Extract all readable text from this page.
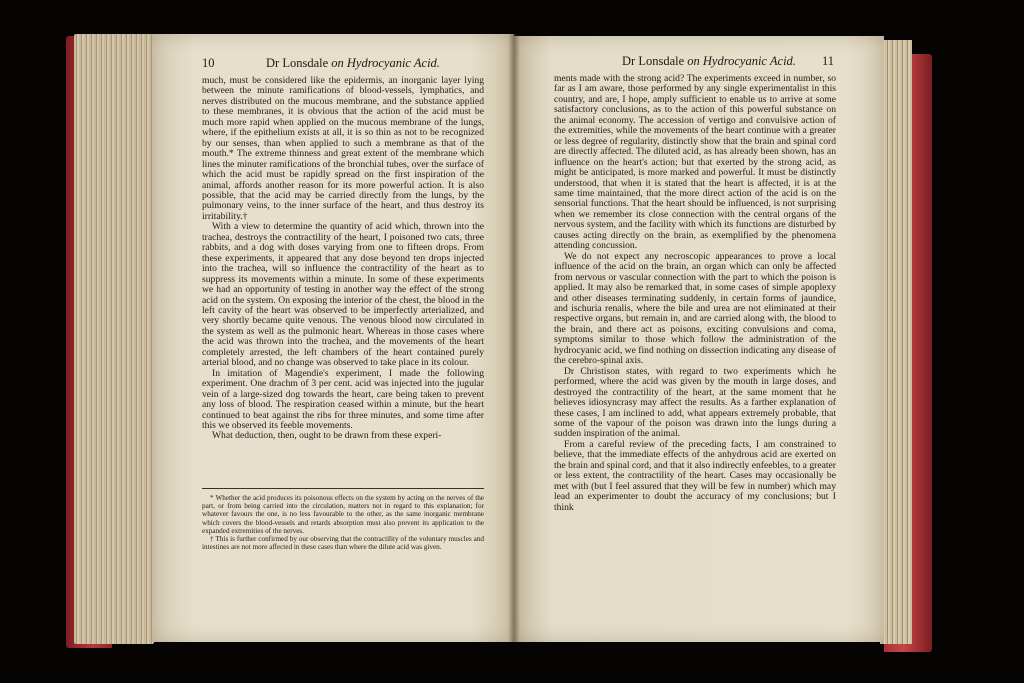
10	Dr Lonsdale on Hydrocyanic Acid.

much, must be considered like the epidermis, an inorganic layer lying between the minute ramifications of blood-vessels, lymphatics, and nerves distributed on the mucous membrane, and the substance applied to these membranes, it is obvious that the action of the acid must be much more rapid when applied on the mucous membrane of the lungs, where, if the epithelium exists at all, it is so thin as not to be recognized by our senses, than when applied to such a membrane as that of the mouth.* The extreme thinness and great extent of the membrane which lines the minuter ramifications of the bronchial tubes, over the surface of which the acid must be rapidly spread on the first inspiration of the animal, affords another reason for its more powerful action. It is also possible, that the acid may be carried directly from the lungs, by the pulmonary veins, to the inner surface of the heart, and thus destroy its irritability.†

With a view to determine the quantity of acid which, thrown into the trachea, destroys the contractility of the heart, I poisoned two cats, three rabbits, and a dog with doses varying from one to fifteen drops. From these experiments, it appeared that any dose beyond ten drops injected into the trachea, will so influence the contractility of the heart as to suppress its movements within a minute. In some of these experiments we had an opportunity of testing in another way the effect of the strong acid on the system. On exposing the interior of the chest, the blood in the left cavity of the heart was observed to be imperfectly arterialized, and very shortly became quite venous. The venous blood now circulated in the system as well as the pulmonic heart. Whereas in those cases where the acid was thrown into the trachea, and the movements of the heart completely arrested, the left chambers of the heart contained purely arterial blood, and no change was observed to take place in its colour.

In imitation of Magendie's experiment, I made the following experiment. One drachm of 3 per cent. acid was injected into the jugular vein of a large-sized dog towards the heart, care being taken to prevent any loss of blood. The respiration ceased within a minute, but the heart continued to beat against the ribs for three minutes, and some time after this we observed its feeble movements.

What deduction, then, ought to be drawn from these experi-

* Whether the acid produces its poisonous effects on the system by acting on the nerves of the part, or from being carried into the circulation, matters not in regard to this explanation; for whatever favours the one, is no less favourable to the other, as the same inorganic membrane which covers the blood-vessels and retards absorption must also prevent its application to the expanded extremities of the nerves.

† This is further confirmed by our observing that the contractility of the voluntary muscles and intestines are not more affected in these cases than where the dilute acid was given.

Dr Lonsdale on Hydrocyanic Acid. 11

ments made with the strong acid? The experiments exceed in number, so far as I am aware, those performed by any single experimentalist in this country, and are, I hope, amply sufficient to enable us to arrive at some satisfactory conclusions, as to the action of this powerful substance on the animal economy. The accession of vertigo and convulsive action of the extremities, while the movements of the heart continue with a greater or less degree of regularity, distinctly show that the brain and spinal cord are directly affected. The diluted acid, as has already been shown, has an influence on the heart's action; but that exerted by the strong acid, as might be anticipated, is more marked and powerful. It must be distinctly understood, that when it is stated that the heart is affected, it is at the same time maintained, that the more direct action of the acid is on the sensorial functions. That the heart should be influenced, is not surprising when we remember its close connection with the central organs of the nervous system, and the facility with which its functions are disturbed by causes acting directly on the brain, as exemplified by the phenomena attending concussion.

We do not expect any necroscopic appearances to prove a local influence of the acid on the brain, an organ which can only be affected from nervous or vascular connection with the part to which the poison is applied. It may also be remarked that, in some cases of simple apoplexy and other diseases terminating suddenly, in certain forms of jaundice, and ischuria renalis, where the bile and urea are not eliminated at their respective organs, but remain in, and are carried along with, the blood to the brain, and there act as poisons, exciting convulsions and coma, symptoms similar to those which follow the administration of the hydrocyanic acid, we find nothing on dissection indicating any disease of the cerebro-spinal axis.

Dr Christison states, with regard to two experiments which he performed, where the acid was given by the mouth in large doses, and destroyed the contractility of the heart, at the same moment that he believes idiosyncrasy may affect the results. As a farther explanation of these cases, I am inclined to add, what appears extremely probable, that some of the vapour of the poison was drawn into the lungs during a sudden inspiration of the animal.

From a careful review of the preceding facts, I am constrained to believe, that the immediate effects of the anhydrous acid are exerted on the brain and spinal cord, and that it also indirectly enfeebles, to a greater or less extent, the contractility of the heart. Cases may occasionally be met with (but I feel assured that they will be few in number) which may lead an experimenter to doubt the accuracy of my conclusions; but I think
